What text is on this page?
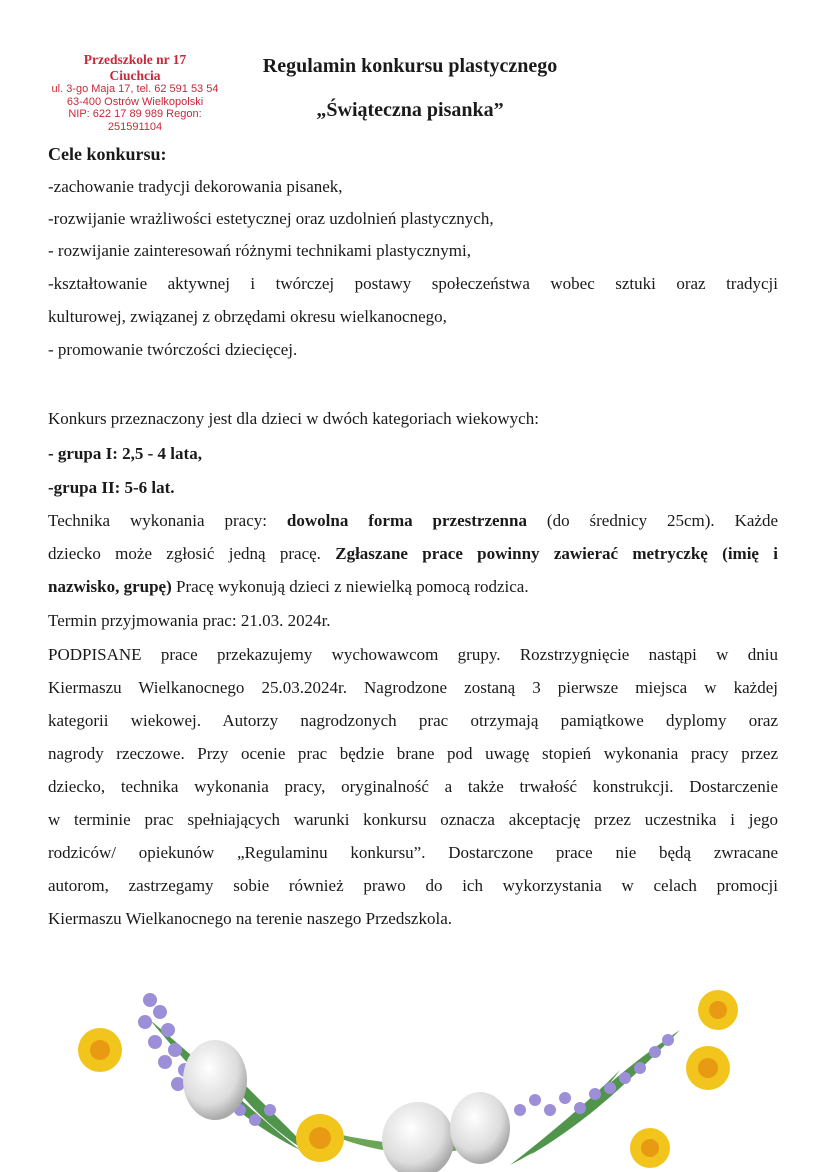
Przedszkole nr 17
Ciuchcia
ul. 3-go Maja 17, tel. 62 591 53 54
63-400 Ostrów Wielkopolski
NIP: 622 17 89 989 Regon: 251591104
Regulamin konkursu plastycznego
„Świąteczna pisanka”
Cele konkursu:
-zachowanie tradycji dekorowania pisanek,
-rozwijanie wrażliwości estetycznej oraz uzdolnień plastycznych,
- rozwijanie zainteresowań różnymi technikami plastycznymi,
-kształtowanie aktywnej i twórczej postawy społeczeństwa wobec sztuki oraz tradycji
kulturowej, związanej z obrzędami okresu wielkanocnego,
- promowanie twórczości dziecięcej.
Konkurs przeznaczony jest dla dzieci w dwóch kategoriach wiekowych:
- grupa I: 2,5 - 4 lata,
-grupa II: 5-6 lat.
Technika wykonania pracy: dowolna forma przestrzenna (do średnicy 25cm). Każde
dziecko może zgłosić jedną pracę. Zgłaszane prace powinny zawierać metryczkę (imię i
nazwisko, grupę) Pracę wykonują dzieci z niewielką pomocą rodzica.
Termin przyjmowania prac: 21.03. 2024r.
PODPISANE prace przekazujemy wychowawcom grupy. Rozstrzygnięcie nastąpi w dniu
Kiermaszu Wielkanocnego 25.03.2024r. Nagrodzone zostaną 3 pierwsze miejsca w każdej
kategorii wiekowej. Autorzy nagrodzonych prac otrzymają pamiątkowe dyplomy oraz
nagrody rzeczowe. Przy ocenie prac będzie brane pod uwagę stopień wykonania pracy przez
dziecko, technika wykonania pracy, oryginalność a także trwałość konstrukcji. Dostarczenie
w terminie prac spełniających warunki konkursu oznacza akceptację przez uczestnika i jego
rodziców/ opiekunów „Regulaminu konkursu”. Dostarczone prace nie będą zwracane
autorom, zastrzegamy sobie również prawo do ich wykorzystania w celach promocji
Kiermaszu Wielkanocnego na terenie naszego Przedszkola.
